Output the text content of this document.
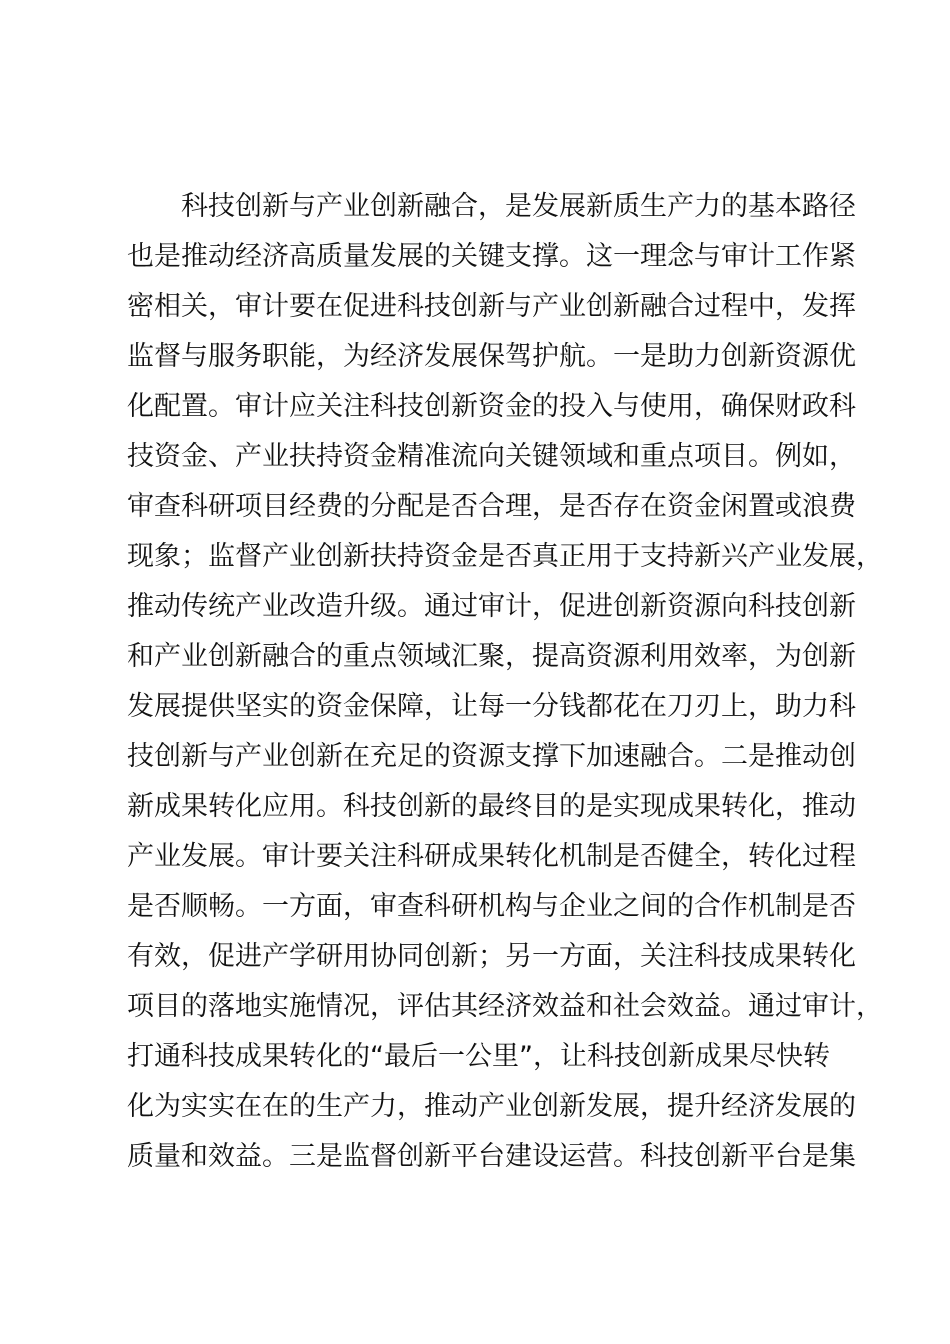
科技创新与产业创新融合，是发展新质生产力的基本路径
也是推动经济高质量发展的关键支撑。这一理念与审计工作紧
密相关，审计要在促进科技创新与产业创新融合过程中，发挥
监督与服务职能，为经济发展保驾护航。一是助力创新资源优
化配置。审计应关注科技创新资金的投入与使用，确保财政科
技资金、产业扶持资金精准流向关键领域和重点项目。例如，
审查科研项目经费的分配是否合理，是否存在资金闲置或浪费
现象；监督产业创新扶持资金是否真正用于支持新兴产业发展，
推动传统产业改造升级。通过审计，促进创新资源向科技创新
和产业创新融合的重点领域汇聚，提高资源利用效率，为创新
发展提供坚实的资金保障，让每一分钱都花在刀刃上，助力科
技创新与产业创新在充足的资源支撑下加速融合。二是推动创
新成果转化应用。科技创新的最终目的是实现成果转化，推动
产业发展。审计要关注科研成果转化机制是否健全，转化过程
是否顺畅。一方面，审查科研机构与企业之间的合作机制是否
有效，促进产学研用协同创新；另一方面，关注科技成果转化
项目的落地实施情况，评估其经济效益和社会效益。通过审计，
打通科技成果转化的“最后一公里”，让科技创新成果尽快转
化为实实在在的生产力，推动产业创新发展，提升经济发展的
质量和效益。三是监督创新平台建设运营。科技创新平台是集
